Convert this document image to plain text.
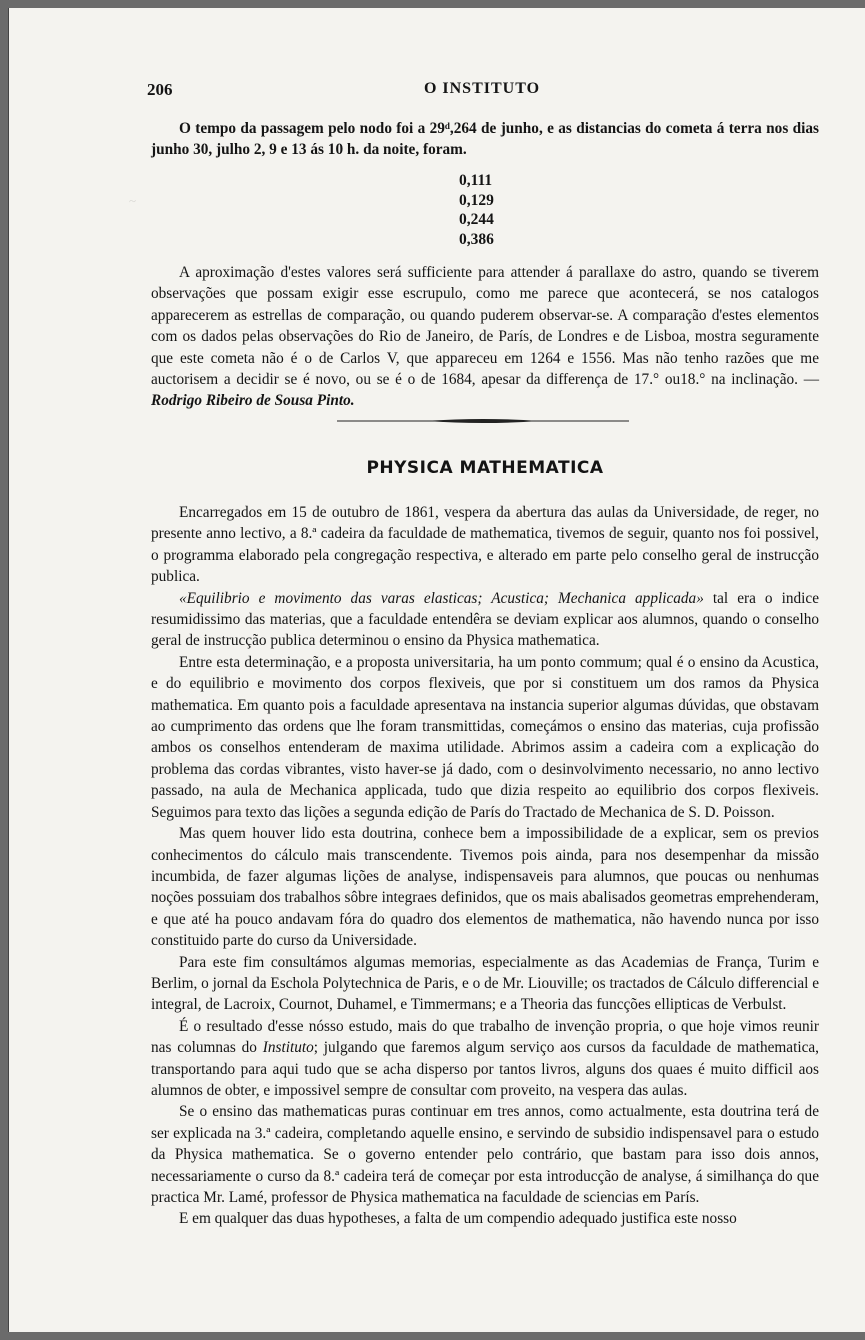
~
206	O INSTITUTO
O tempo da passagem pelo nodo foi a 29ᵈ,264 de junho, e as distancias do cometa á terra nos dias junho 30, julho 2, 9 e 13 ás 10 h. da noite, foram.
0,111
0,129
0,244
0,386
A aproximação d'estes valores será sufficiente para attender á parallaxe do astro, quando se tiverem observações que possam exigir esse escrupulo, como me parece que acontecerá, se nos catalogos apparecerem as estrellas de comparação, ou quando puderem observar-se. A comparação d'estes elementos com os dados pelas observações do Rio de Janeiro, de París, de Londres e de Lisboa, mostra seguramente que este cometa não é o de Carlos V, que appareceu em 1264 e 1556. Mas não tenho razões que me auctorisem a decidir se é novo, ou se é o de 1684, apesar da differença de 17.° ou18.° na inclinação. — Rodrigo Ribeiro de Sousa Pinto.
PHYSICA MATHEMATICA

Encarregados em 15 de outubro de 1861, vespera da abertura das aulas da Universidade, de reger, no presente anno lectivo, a 8.ª cadeira da faculdade de mathematica, tivemos de seguir, quanto nos foi possivel, o programma elaborado pela congregação respectiva, e alterado em parte pelo conselho geral de instrucção publica.

«Equilibrio e movimento das varas elasticas; Acustica; Mechanica applicada» tal era o indice resumidissimo das materias, que a faculdade entendêra se deviam explicar aos alumnos, quando o conselho geral de instrucção publica determinou o ensino da Physica mathematica.

Entre esta determinação, e a proposta universitaria, ha um ponto commum; qual é o ensino da Acustica, e do equilibrio e movimento dos corpos flexiveis, que por si constituem um dos ramos da Physica mathematica. Em quanto pois a faculdade apresentava na instancia superior algumas dúvidas, que obstavam ao cumprimento das ordens que lhe foram transmittidas, começámos o ensino das materias, cuja profissão ambos os conselhos entenderam de maxima utilidade. Abrimos assim a cadeira com a explicação do problema das cordas vibrantes, visto haver-se já dado, com o desinvolvimento necessario, no anno lectivo passado, na aula de Mechanica applicada, tudo que dizia respeito ao equilibrio dos corpos flexiveis. Seguimos para texto das lições a segunda edição de París do Tractado de Mechanica de S. D. Poisson.

Mas quem houver lido esta doutrina, conhece bem a impossibilidade de a explicar, sem os previos conhecimentos do cálculo mais transcendente. Tivemos pois ainda, para nos desempenhar da missão incumbida, de fazer algumas lições de analyse, indispensaveis para alumnos, que poucas ou nenhumas noções possuiam dos trabalhos sôbre integraes definidos, que os mais abalisados geometras emprehenderam, e que até ha pouco andavam fóra do quadro dos elementos de mathematica, não havendo nunca por isso constituido parte do curso da Universidade.

Para este fim consultámos algumas memorias, especialmente as das Academias de França, Turim e Berlim, o jornal da Eschola Polytechnica de Paris, e o de Mr. Liouville; os tractados de Cálculo differencial e integral, de Lacroix, Cournot, Duhamel, e Timmermans; e a Theoria das funcções ellipticas de Verbulst.

É o resultado d'esse nósso estudo, mais do que trabalho de invenção propria, o que hoje vimos reunir nas columnas do Instituto; julgando que faremos algum serviço aos cursos da faculdade de mathematica, transportando para aqui tudo que se acha disperso por tantos livros, alguns dos quaes é muito difficil aos alumnos de obter, e impossivel sempre de consultar com proveito, na vespera das aulas.

Se o ensino das mathematicas puras continuar em tres annos, como actualmente, esta doutrina terá de ser explicada na 3.ª cadeira, completando aquelle ensino, e servindo de subsidio indispensavel para o estudo da Physica mathematica. Se o governo entender pelo contrário, que bastam para isso dois annos, necessariamente o curso da 8.ª cadeira terá de começar por esta introducção de analyse, á similhança do que practica Mr. Lamé, professor de Physica mathematica na faculdade de sciencias em París.

E em qualquer das duas hypotheses, a falta de um compendio adequado justifica este nosso
